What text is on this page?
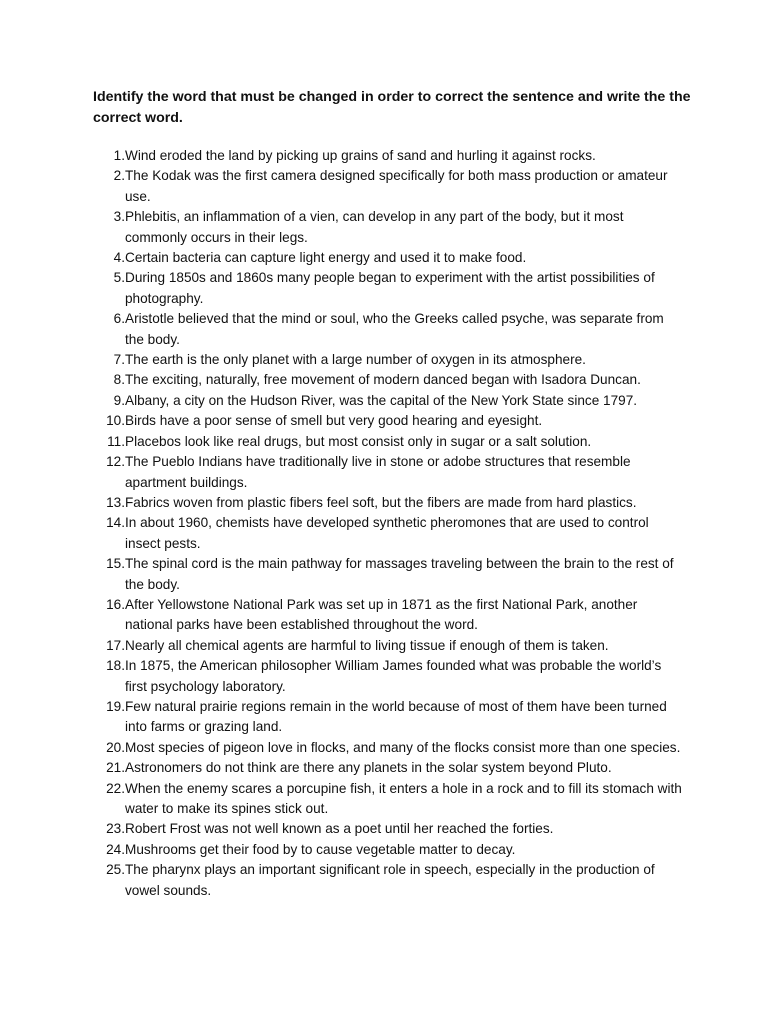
Identify the word that must be changed in order to correct the sentence and write the the correct word.

1. Wind eroded the land by picking up grains of sand and hurling it against rocks.
2. The Kodak was the first camera designed specifically for both mass production or amateur use.
3. Phlebitis, an inflammation of a vien, can develop in any part of the body, but it most commonly occurs in their legs.
4. Certain bacteria can capture light energy and used it to make food.
5. During 1850s and 1860s many people began to experiment with the artist possibilities of photography.
6. Aristotle believed that the mind or soul, who the Greeks called psyche, was separate from the body.
7. The earth is the only planet with a large number of oxygen in its atmosphere.
8. The exciting, naturally, free movement of modern danced began with Isadora Duncan.
9. Albany, a city on the Hudson River, was the capital of the New York State since 1797.
10. Birds have a poor sense of smell but very good hearing and eyesight.
11. Placebos look like real drugs, but most consist only in sugar or a salt solution.
12. The Pueblo Indians have traditionally live in stone or adobe structures that resemble apartment buildings.
13. Fabrics woven from plastic fibers feel soft, but the fibers are made from hard plastics.
14. In about 1960, chemists have developed synthetic pheromones that are used to control insect pests.
15. The spinal cord is the main pathway for massages traveling between the brain to the rest of the body.
16. After Yellowstone National Park was set up in 1871 as the first National Park, another national parks have been established throughout the word.
17. Nearly all chemical agents are harmful to living tissue if enough of them is taken.
18. In 1875, the American philosopher William James founded what was probable the world’s first psychology laboratory.
19. Few natural prairie regions remain in the world because of most of them have been turned into farms or grazing land.
20. Most species of pigeon love in flocks, and many of the flocks consist more than one species.
21. Astronomers do not think are there any planets in the solar system beyond Pluto.
22. When the enemy scares a porcupine fish, it enters a hole in a rock and to fill its stomach with water to make its spines stick out.
23. Robert Frost was not well known as a poet until her reached the forties.
24. Mushrooms get their food by to cause vegetable matter to decay.
25. The pharynx plays an important significant role in speech, especially in the production of vowel sounds.
